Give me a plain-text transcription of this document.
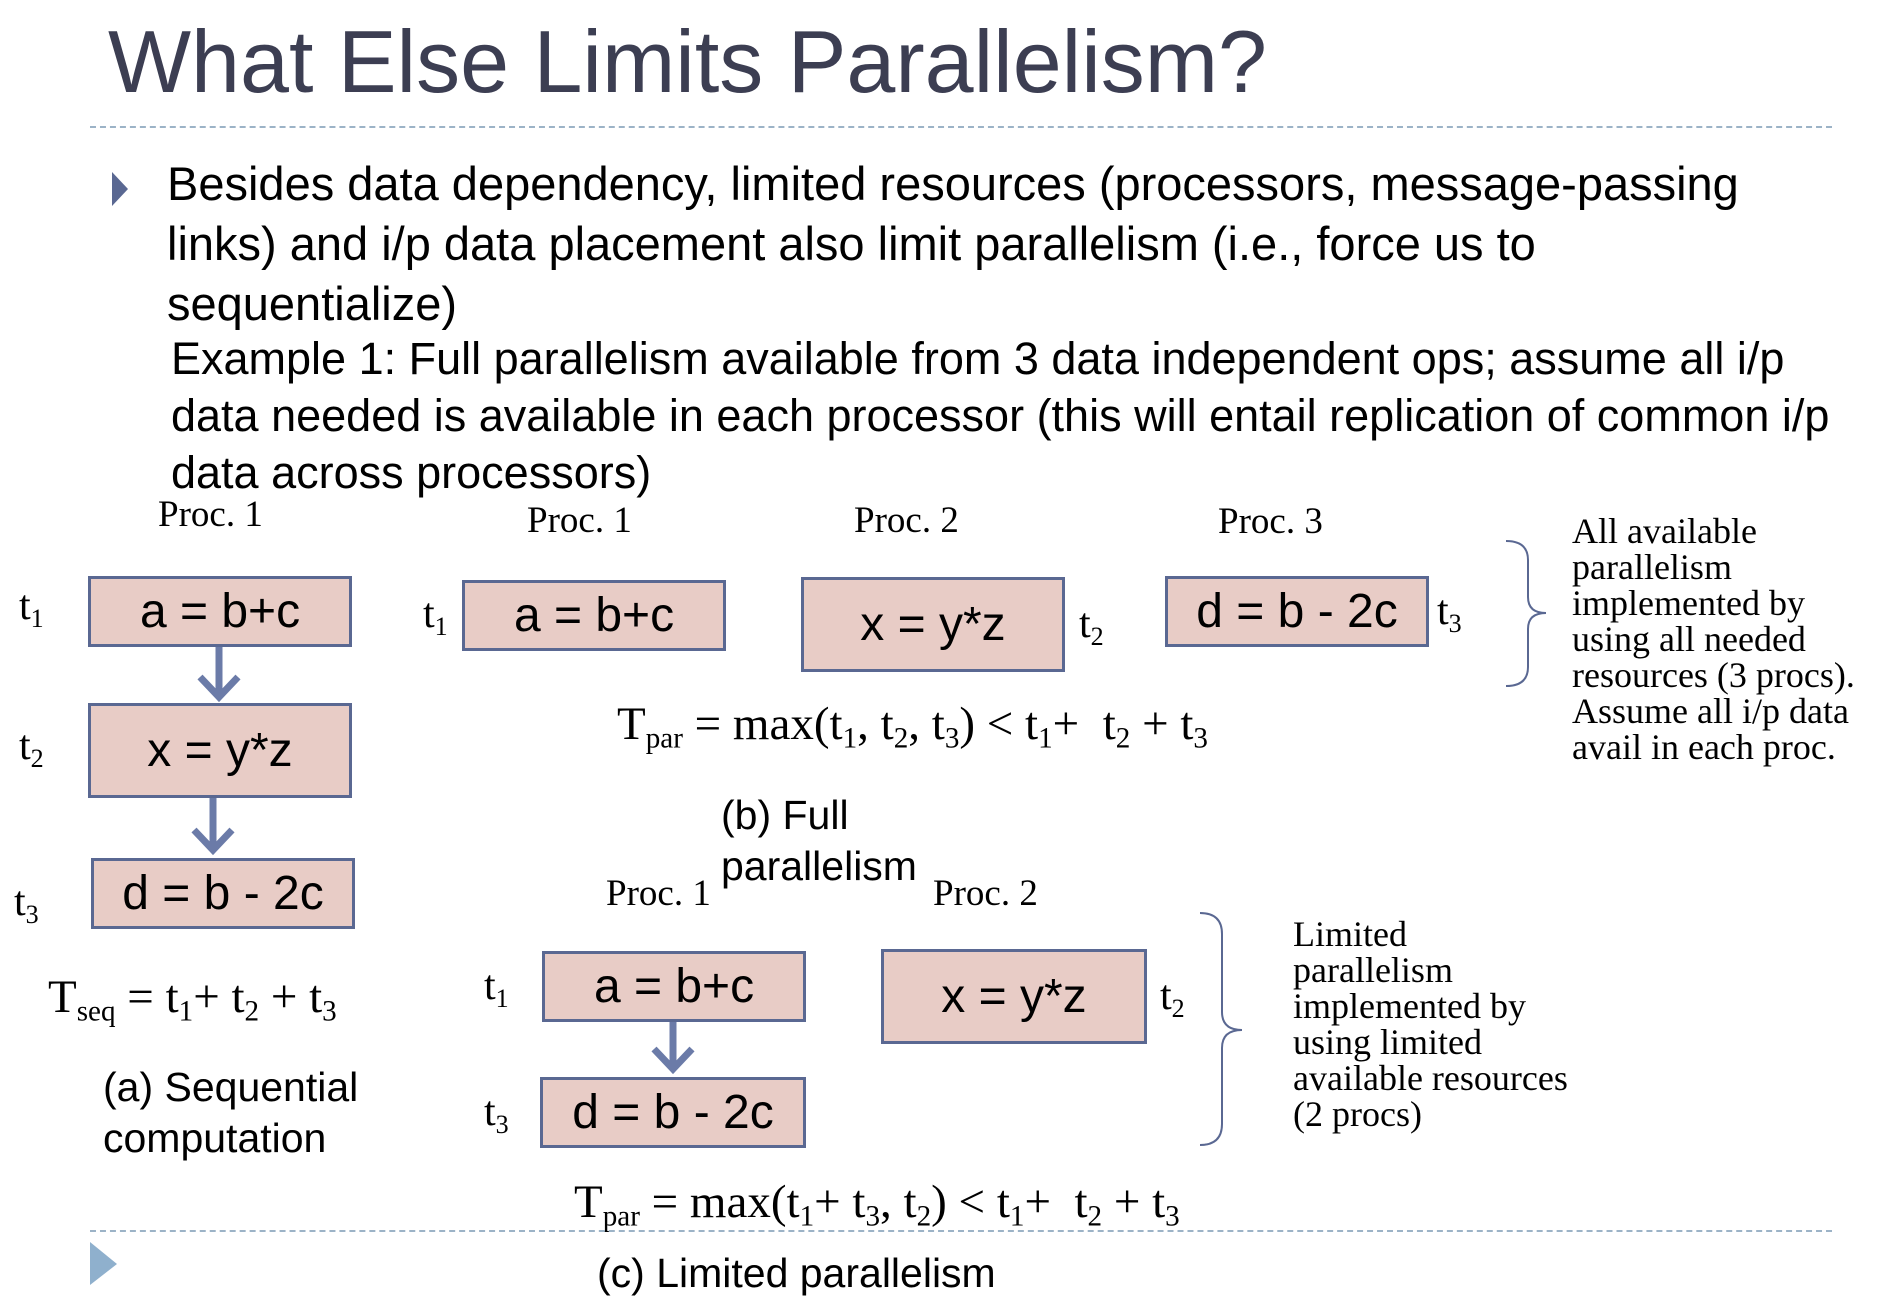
What Else Limits Parallelism?
Besides data dependency, limited resources (processors, message-passing links) and i/p data placement also limit parallelism (i.e., force us to sequentialize)
Example 1: Full parallelism available from 3 data independent ops; assume all i/p data needed is available in each processor (this will entail replication of common i/p data across processors)
Proc. 1
a = b+c
x = y*z
d = b - 2c
$t_1$
$t_2$
$t_3$
$T_{seq} = t_1+ t_2 + t_3$
(a) Sequential computation
Proc. 1	Proc. 2	Proc. 3
a = b+c	x = y*z	d = b - 2c
$t_1$	$t_2$
$t_3$
$T_{par} = \max(t_1$, $t_2$, $t_3) < t_1+ t_2 + t_3$
(b) Full parallelism
All available
parallelism
implemented by
using all needed
resources (3 procs).
Assume all i/p data
avail in each proc.
Proc. 1	Proc. 2
a = b+c
d = b - 2c
x = y*z
$t_1$
$t_3$
$t_2$
$T_{par} = \max(t_1+ t_3$, $t_2) < t_1+ t_2 + t_3$
Limited
parallelism
implemented by
using limited
available resources
(2 procs)
(c) Limited parallelism
